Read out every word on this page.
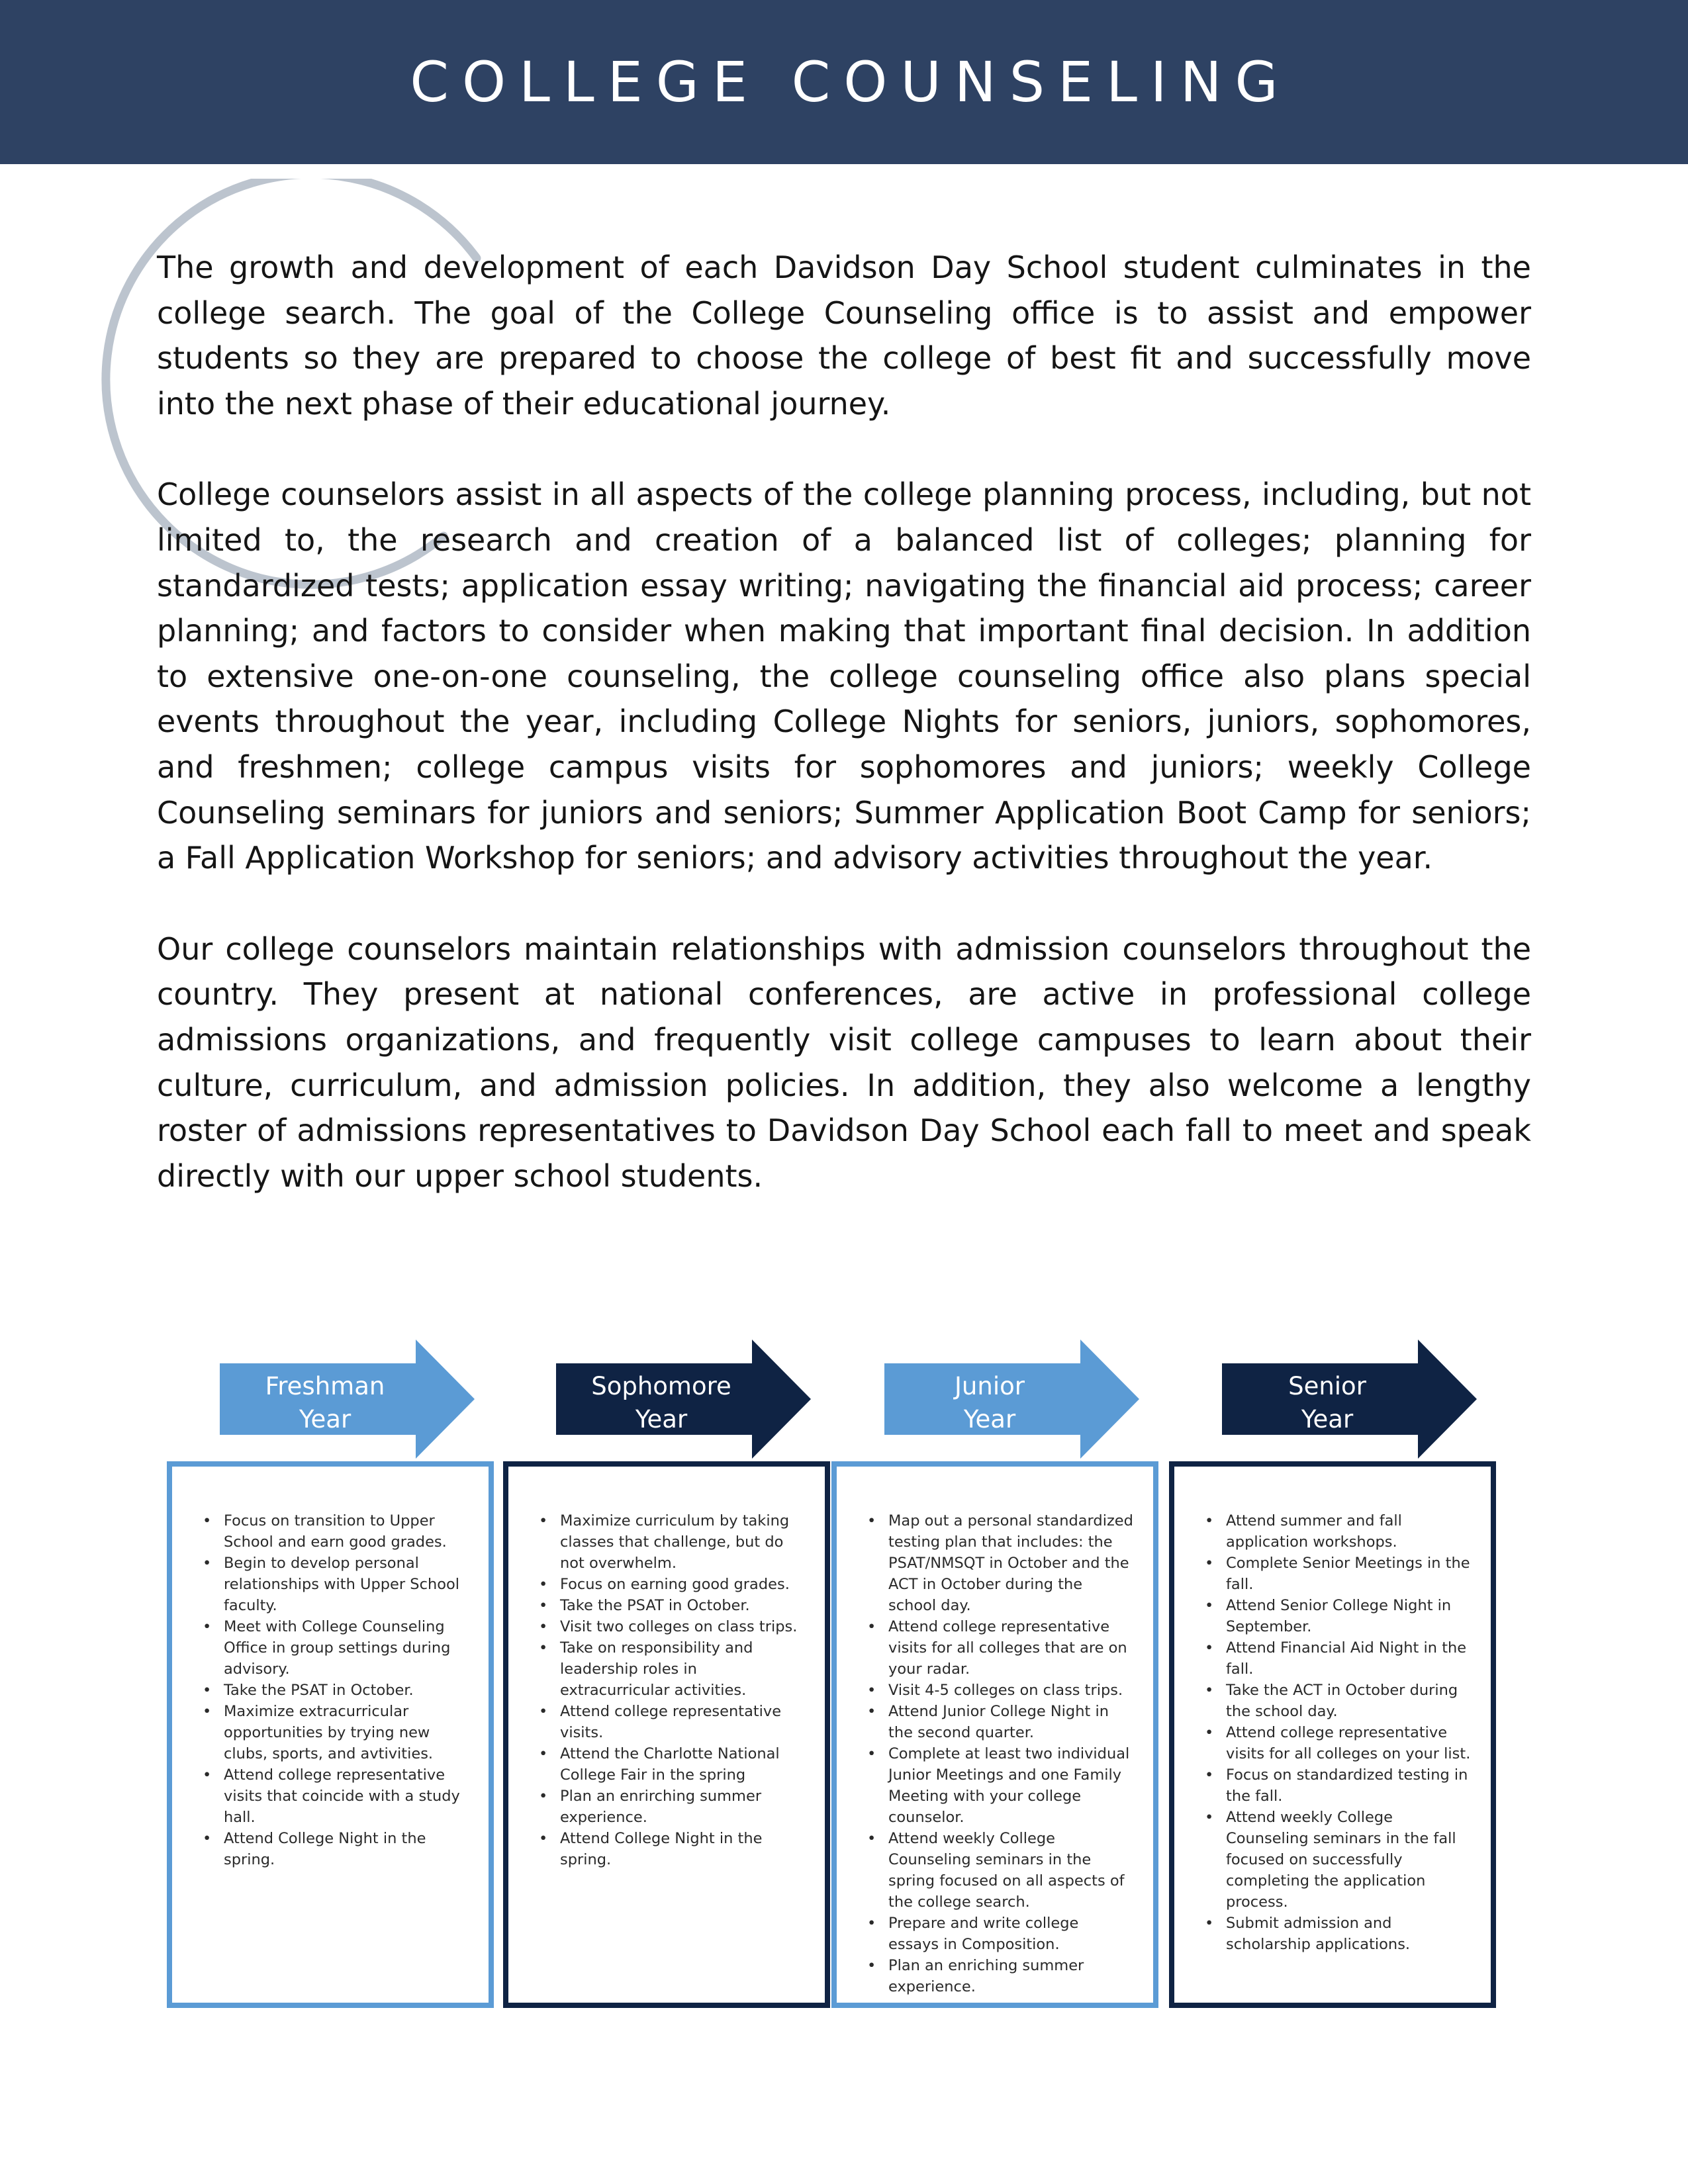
COLLEGE COUNSELING

The growth and development of each Davidson Day School student culminates in the college search. The goal of the College Counseling office is to assist and empower students so they are prepared to choose the college of best fit and successfully move into the next phase of their educational journey.

College counselors assist in all aspects of the college planning process, including, but not limited to, the research and creation of a balanced list of colleges; planning for standardized tests; application essay writing; navigating the financial aid process; career planning; and factors to consider when making that important final decision. In addition to extensive one-on-one counseling, the college counseling office also plans special events throughout the year, including College Nights for seniors, juniors, sophomores, and freshmen; college campus visits for sophomores and juniors; weekly College Counseling seminars for juniors and seniors; Summer Application Boot Camp for seniors; a Fall Application Workshop for seniors; and advisory activities throughout the year.

Our college counselors maintain relationships with admission counselors throughout the country. They present at national conferences, are active in professional college admissions organizations, and frequently visit college campuses to learn about their culture, curriculum, and admission policies. In addition, they also welcome a lengthy roster of admissions representatives to Davidson Day School each fall to meet and speak directly with our upper school students.

Freshman
Year
• Focus on transition to Upper School and earn good grades.
• Begin to develop personal relationships with Upper School faculty.
• Meet with College Counseling Office in group settings during advisory.
• Take the PSAT in October.
• Maximize extracurricular opportunities by trying new clubs, sports, and avtivities.
• Attend college representative visits that coincide with a study hall.
• Attend College Night in the spring.
Sophomore
Year
• Maximize curriculum by taking classes that challenge, but do not overwhelm.
• Focus on earning good grades.
• Take the PSAT in October.
• Visit two colleges on class trips.
• Take on responsibility and leadership roles in extracurricular activities.
• Attend college representative visits.
• Attend the Charlotte National College Fair in the spring
• Plan an enrirching summer experience.
• Attend College Night in the spring.
Junior
Year
• Map out a personal standardized testing plan that includes: the PSAT/NMSQT in October and the ACT in October during the school day.
• Attend college representative visits for all colleges that are on your radar.
• Visit 4-5 colleges on class trips.
• Attend Junior College Night in the second quarter.
• Complete at least two individual Junior Meetings and one Family Meeting with your college counselor.
• Attend weekly College Counseling seminars in the spring focused on all aspects of the college search.
• Prepare and write college essays in Composition.
• Plan an enriching summer experience.
Senior
Year
• Attend summer and fall application workshops.
• Complete Senior Meetings in the fall.
• Attend Senior College Night in September.
• Attend Financial Aid Night in the fall.
• Take the ACT in October during the school day.
• Attend college representative visits for all colleges on your list.
• Focus on standardized testing in the fall.
• Attend weekly College Counseling seminars in the fall focused on successfully completing the application process.
• Submit admission and scholarship applications.
